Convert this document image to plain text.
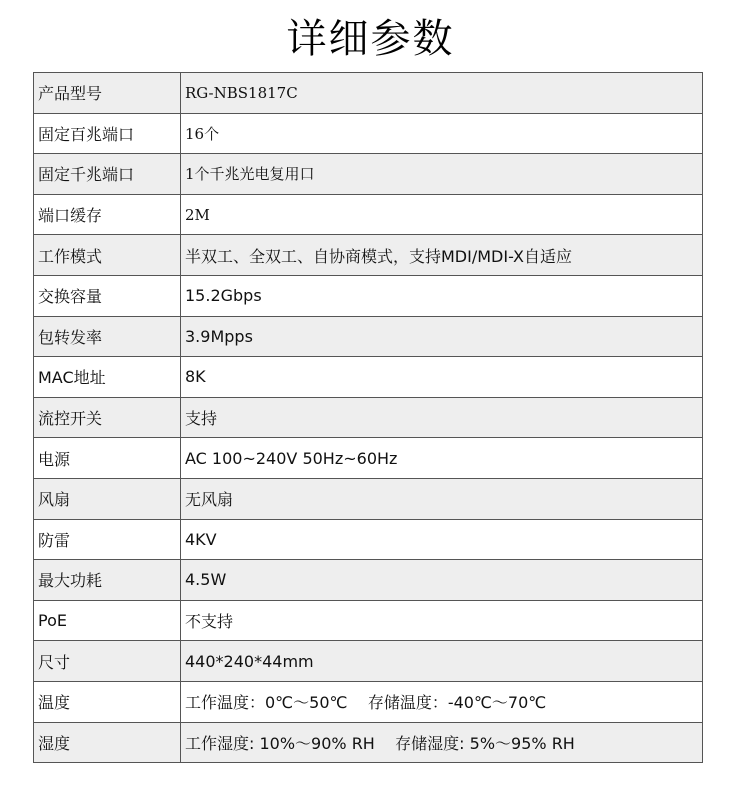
详细参数
产品型号	RG-NBS1817C
固定百兆端口	16个
固定千兆端口	1个千兆光电复用口
端口缓存	2M
工作模式	半双工、全双工、自协商模式，支持MDI/MDI-X自适应
交换容量	15.2Gbps
包转发率	3.9Mpps
MAC地址	8K
流控开关	支持
电源	AC 100~240V 50Hz~60Hz
风扇	无风扇
防雷	4KV
最大功耗	4.5W
PoE	不支持
尺寸	440*240*44mm
温度	工作温度：0℃～50℃    存储温度：-40℃～70℃
湿度	工作湿度: 10%～90% RH    存储湿度: 5%～95% RH
